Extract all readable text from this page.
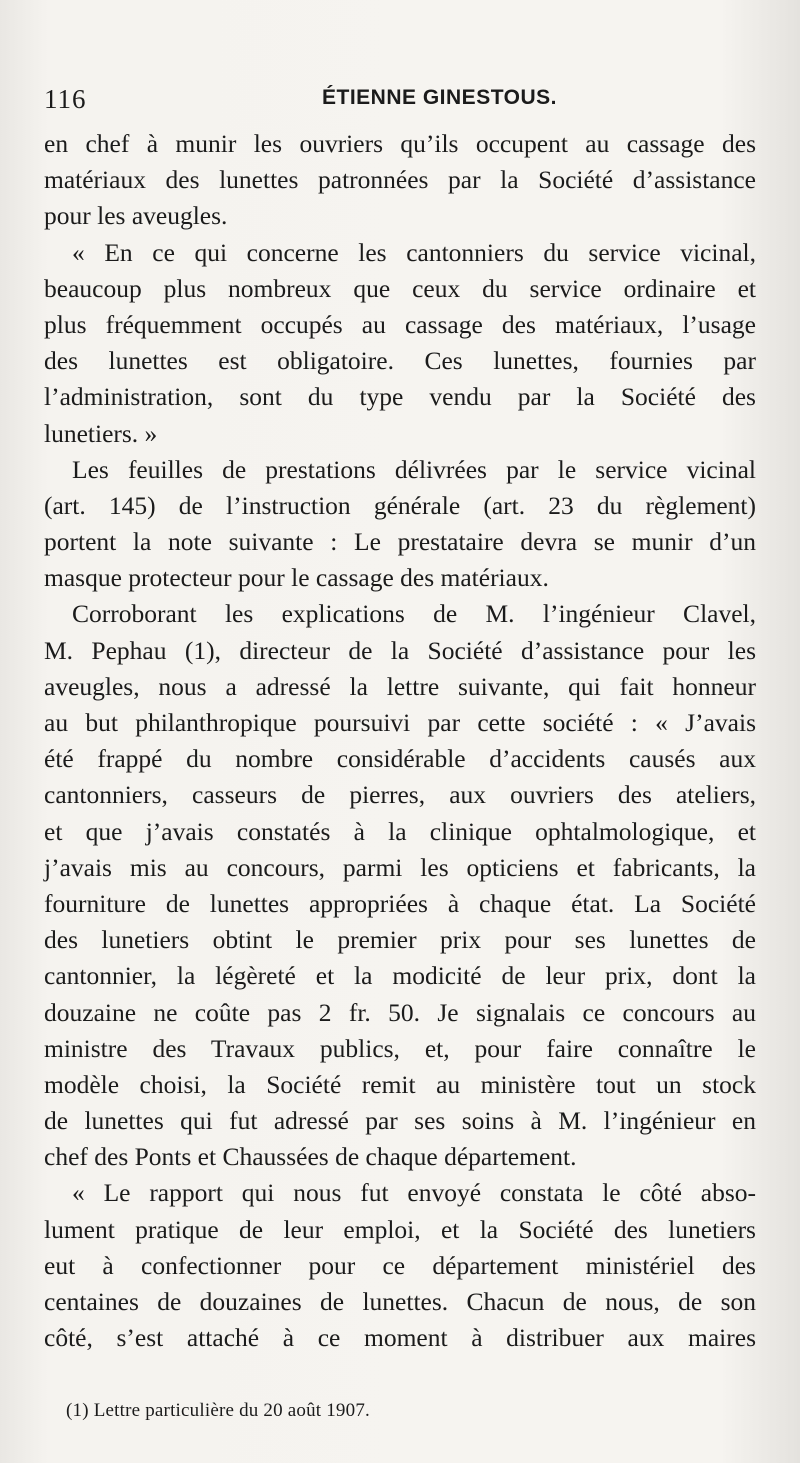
116	ÉTIENNE GINESTOUS.
en chef à munir les ouvriers qu’ils occupent au cassage des
matériaux des lunettes patronnées par la Société d’assistance
pour les aveugles.
« En ce qui concerne les cantonniers du service vicinal,
beaucoup plus nombreux que ceux du service ordinaire et
plus fréquemment occupés au cassage des matériaux, l’usage
des lunettes est obligatoire. Ces lunettes, fournies par
l’administration, sont du type vendu par la Société des
lunetiers. »
Les feuilles de prestations délivrées par le service vicinal
(art. 145) de l’instruction générale (art. 23 du règlement)
portent la note suivante : Le prestataire devra se munir d’un
masque protecteur pour le cassage des matériaux.
Corroborant les explications de M. l’ingénieur Clavel,
M. Pephau (1), directeur de la Société d’assistance pour les
aveugles, nous a adressé la lettre suivante, qui fait honneur
au but philanthropique poursuivi par cette société : « J’avais
été frappé du nombre considérable d’accidents causés aux
cantonniers, casseurs de pierres, aux ouvriers des ateliers,
et que j’avais constatés à la clinique ophtalmologique, et
j’avais mis au concours, parmi les opticiens et fabricants, la
fourniture de lunettes appropriées à chaque état. La Société
des lunetiers obtint le premier prix pour ses lunettes de
cantonnier, la légèreté et la modicité de leur prix, dont la
douzaine ne coûte pas 2 fr. 50. Je signalais ce concours au
ministre des Travaux publics, et, pour faire connaître le
modèle choisi, la Société remit au ministère tout un stock
de lunettes qui fut adressé par ses soins à M. l’ingénieur en
chef des Ponts et Chaussées de chaque département.
« Le rapport qui nous fut envoyé constata le côté abso-
lument pratique de leur emploi, et la Société des lunetiers
eut à confectionner pour ce département ministériel des
centaines de douzaines de lunettes. Chacun de nous, de son
côté, s’est attaché à ce moment à distribuer aux maires
(1) Lettre particulière du 20 août 1907.
